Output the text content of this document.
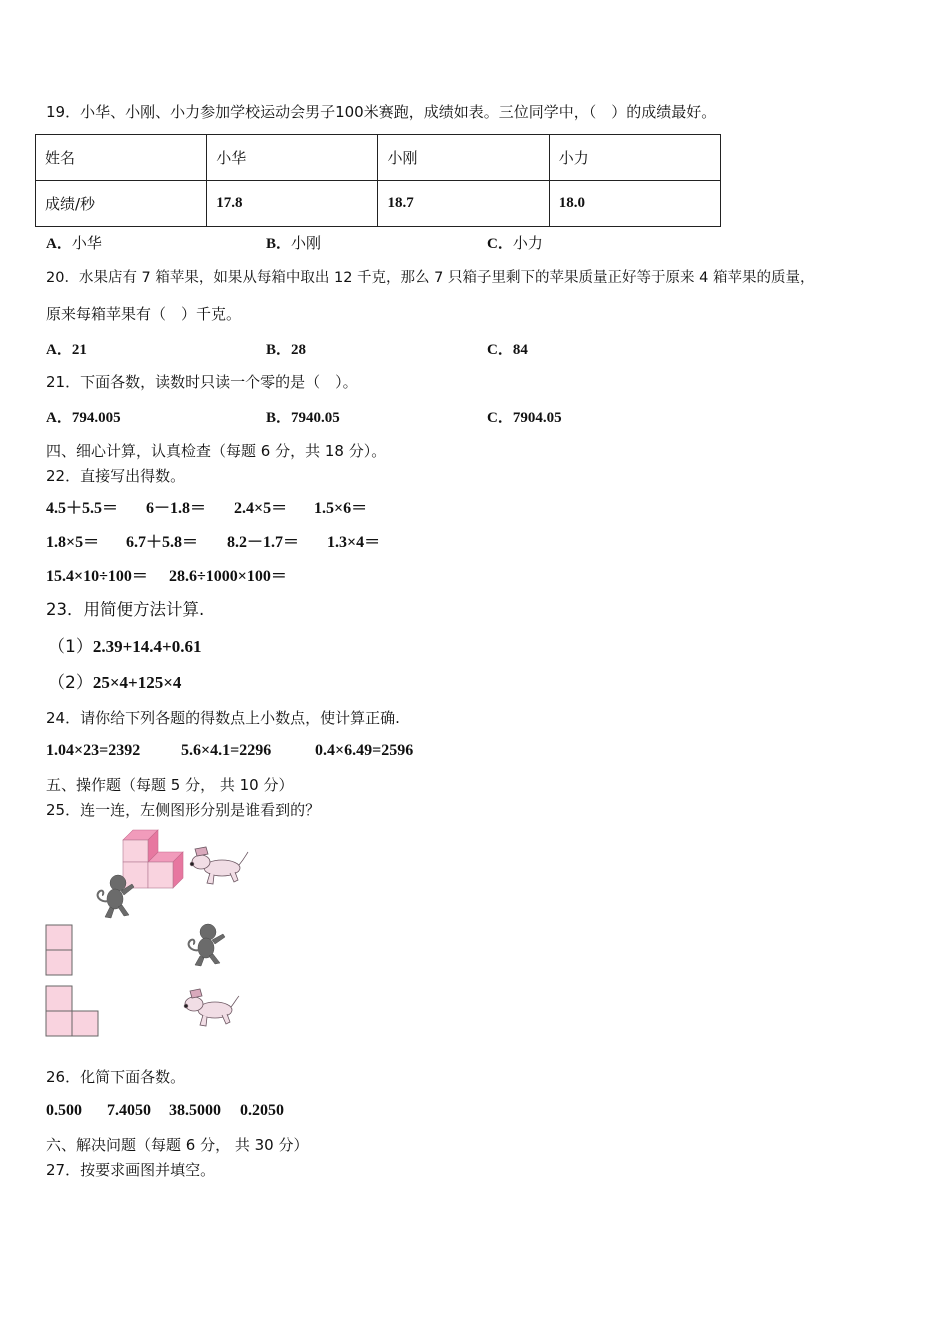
19．小华、小刚、小力参加学校运动会男子100米赛跑，成绩如表。三位同学中，（　）的成绩最好。
姓名	小华	小刚	小力
成绩/秒	17.8	18.7	18.0
A．小华	B．小刚	C．小力
20．水果店有 7 箱苹果，如果从每箱中取出 12 千克，那么 7 只箱子里剩下的苹果质量正好等于原来 4 箱苹果的质量，
原来每箱苹果有（　）千克。
A．21	B．28	C．84
21．下面各数，读数时只读一个零的是（　）。
A．794.005	B．7940.05	C．7904.05
四、细心计算，认真检查（每题 6 分，共 18 分）。
22．直接写出得数。
4.5＋5.5＝ 6－1.8＝ 2.4×5＝ 1.5×6＝
1.8×5＝ 6.7＋5.8＝ 8.2－1.7＝ 1.3×4＝
15.4×10÷100＝ 28.6÷1000×100＝
23．用简便方法计算.
（1）2.39+14.4+0.61
（2）25×4+125×4
24．请你给下列各题的得数点上小数点，使计算正确.
1.04×23=2392	5.6×4.1=2296	0.4×6.49=2596
五、操作题（每题 5 分， 共 10 分）
25．连一连，左侧图形分别是谁看到的？
26．化简下面各数。
0.500 7.4050 38.5000 0.2050
六、解决问题（每题 6 分， 共 30 分）
27．按要求画图并填空。
